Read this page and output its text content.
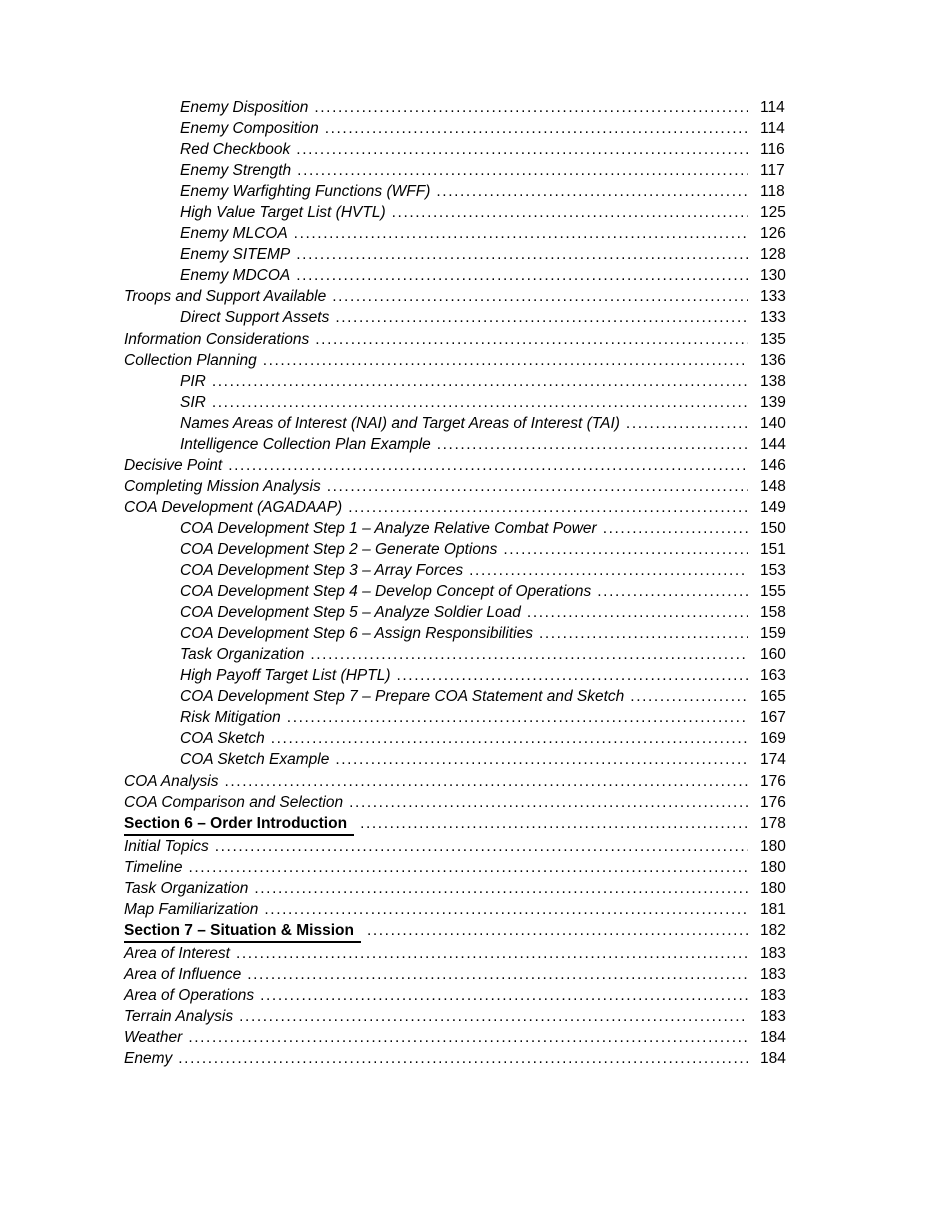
Enemy Disposition .....	114
Enemy Composition .....	114
Red Checkbook .....	116
Enemy Strength .....	117
Enemy Warfighting Functions (WFF) .....	118
High Value Target List (HVTL) .....	125
Enemy MLCOA .....	126
Enemy SITEMP .....	128
Enemy MDCOA .....	130
Troops and Support Available .....	133
Direct Support Assets .....	133
Information Considerations .....	135
Collection Planning .....	136
PIR .....	138
SIR .....	139
Names Areas of Interest (NAI) and Target Areas of Interest (TAI) .....	140
Intelligence Collection Plan Example .....	144
Decisive Point .....	146
Completing Mission Analysis .....	148
COA Development (AGADAAP) .....	149
COA Development Step 1 – Analyze Relative Combat Power .....	150
COA Development Step 2 – Generate Options .....	151
COA Development Step 3 – Array Forces .....	153
COA Development Step 4 – Develop Concept of Operations .....	155
COA Development Step 5 – Analyze Soldier Load .....	158
COA Development Step 6 – Assign Responsibilities .....	159
Task Organization .....	160
High Payoff Target List (HPTL) .....	163
COA Development Step 7 – Prepare COA Statement and Sketch .....	165
Risk Mitigation .....	167
COA Sketch .....	169
COA Sketch Example .....	174
COA Analysis .....	176
COA Comparison and Selection .....	176
Section 6 – Order Introduction .....	178
Initial Topics .....	180
Timeline .....	180
Task Organization .....	180
Map Familiarization .....	181
Section 7 – Situation & Mission .....	182
Area of Interest .....	183
Area of Influence .....	183
Area of Operations .....	183
Terrain Analysis .....	183
Weather .....	184
Enemy .....	184
